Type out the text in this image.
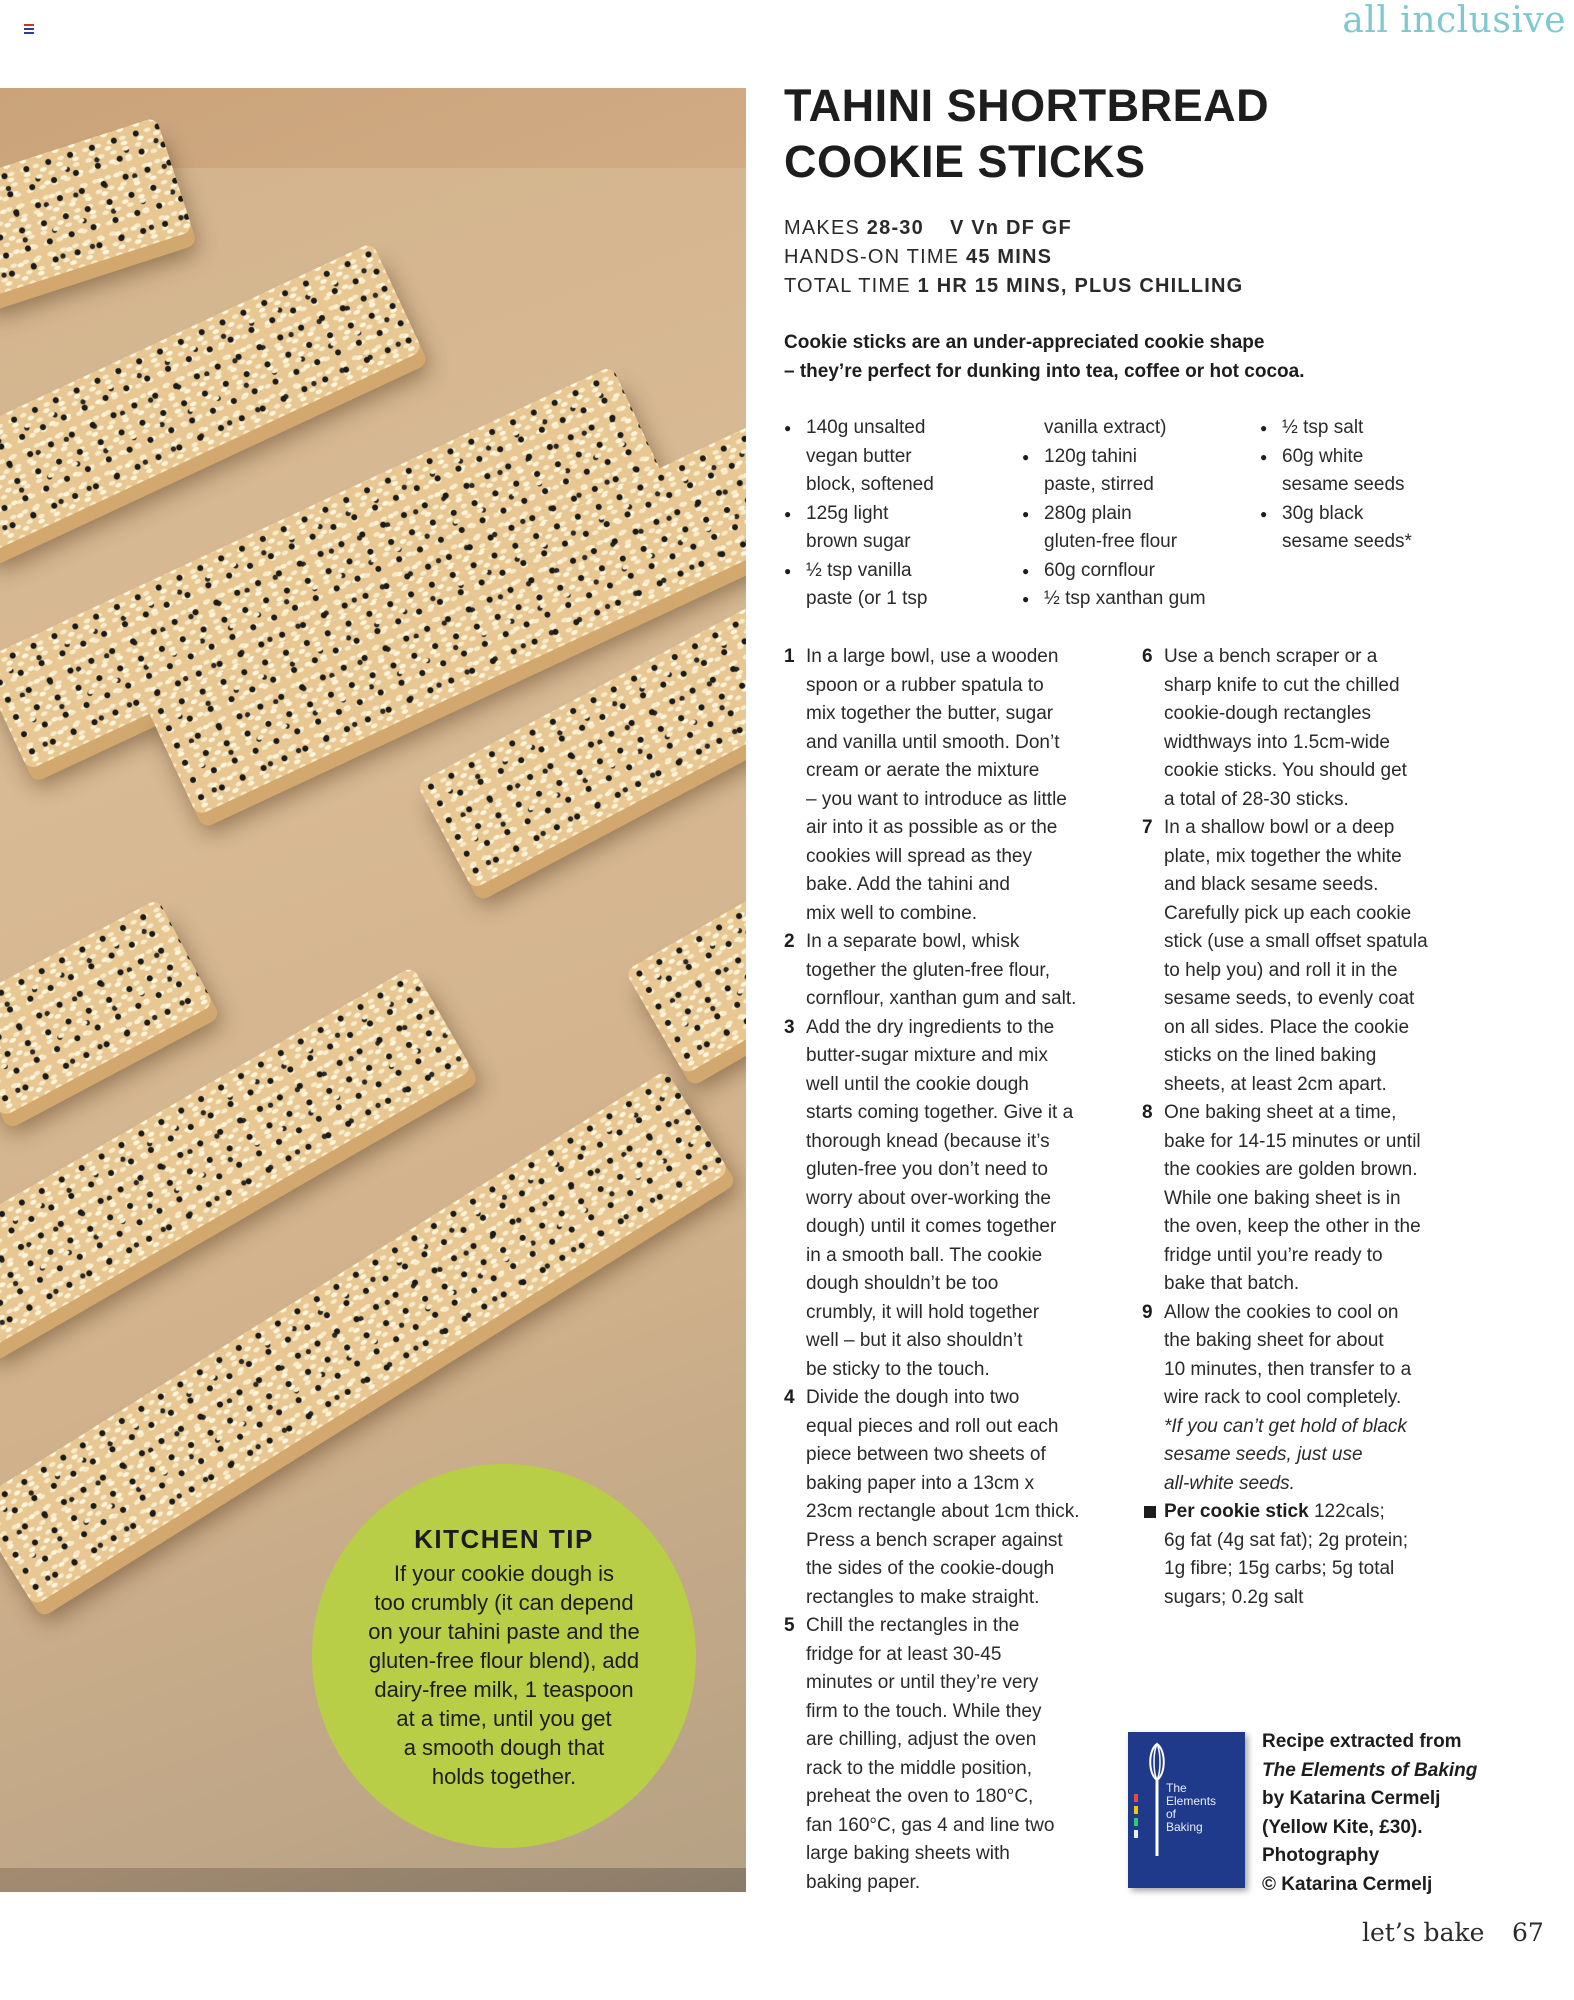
all inclusive
KITCHEN TIP
If your cookie dough is
too crumbly (it can depend
on your tahini paste and the
gluten-free flour blend), add
dairy-free milk, 1 teaspoon
at a time, until you get
a smooth dough that
holds together.
TAHINI SHORTBREAD
COOKIE STICKS
MAKES 28-30 V Vn DF GF
HANDS-ON TIME 45 MINS
TOTAL TIME 1 HR 15 MINS, PLUS CHILLING
Cookie sticks are an under-appreciated cookie shape
– they’re perfect for dunking into tea, coffee or hot cocoa.
● 140g unsalted
vegan butter
block, softened
● 125g light
brown sugar
● ½ tsp vanilla
paste (or 1 tsp
vanilla extract)
● 120g tahini
paste, stirred
● 280g plain
gluten-free flour
● 60g cornflour
● ½ tsp xanthan gum
● ½ tsp salt
● 60g white
sesame seeds
● 30g black
sesame seeds*
1 In a large bowl, use a wooden
spoon or a rubber spatula to
mix together the butter, sugar
and vanilla until smooth. Don’t
cream or aerate the mixture
– you want to introduce as little
air into it as possible as or the
cookies will spread as they
bake. Add the tahini and
mix well to combine.
2 In a separate bowl, whisk
together the gluten-free flour,
cornflour, xanthan gum and salt.
3 Add the dry ingredients to the
butter-sugar mixture and mix
well until the cookie dough
starts coming together. Give it a
thorough knead (because it’s
gluten-free you don’t need to
worry about over-working the
dough) until it comes together
in a smooth ball. The cookie
dough shouldn’t be too
crumbly, it will hold together
well – but it also shouldn’t
be sticky to the touch.
4 Divide the dough into two
equal pieces and roll out each
piece between two sheets of
baking paper into a 13cm x
23cm rectangle about 1cm thick.
Press a bench scraper against
the sides of the cookie-dough
rectangles to make straight.
5 Chill the rectangles in the
fridge for at least 30-45
minutes or until they’re very
firm to the touch. While they
are chilling, adjust the oven
rack to the middle position,
preheat the oven to 180°C,
fan 160°C, gas 4 and line two
large baking sheets with
baking paper.
6 Use a bench scraper or a
sharp knife to cut the chilled
cookie-dough rectangles
widthways into 1.5cm-wide
cookie sticks. You should get
a total of 28-30 sticks.
7 In a shallow bowl or a deep
plate, mix together the white
and black sesame seeds.
Carefully pick up each cookie
stick (use a small offset spatula
to help you) and roll it in the
sesame seeds, to evenly coat
on all sides. Place the cookie
sticks on the lined baking
sheets, at least 2cm apart.
8 One baking sheet at a time,
bake for 14-15 minutes or until
the cookies are golden brown.
While one baking sheet is in
the oven, keep the other in the
fridge until you’re ready to
bake that batch.
9 Allow the cookies to cool on
the baking sheet for about
10 minutes, then transfer to a
wire rack to cool completely.
*If you can’t get hold of black
sesame seeds, just use
all-white seeds.
Per cookie stick 122cals;
6g fat (4g sat fat); 2g protein;
1g fibre; 15g carbs; 5g total
sugars; 0.2g salt
The
Elements
of
Baking
Recipe extracted from
The Elements of Baking
by Katarina Cermelj
(Yellow Kite, £30).
Photography
© Katarina Cermelj
let’s bake 67
